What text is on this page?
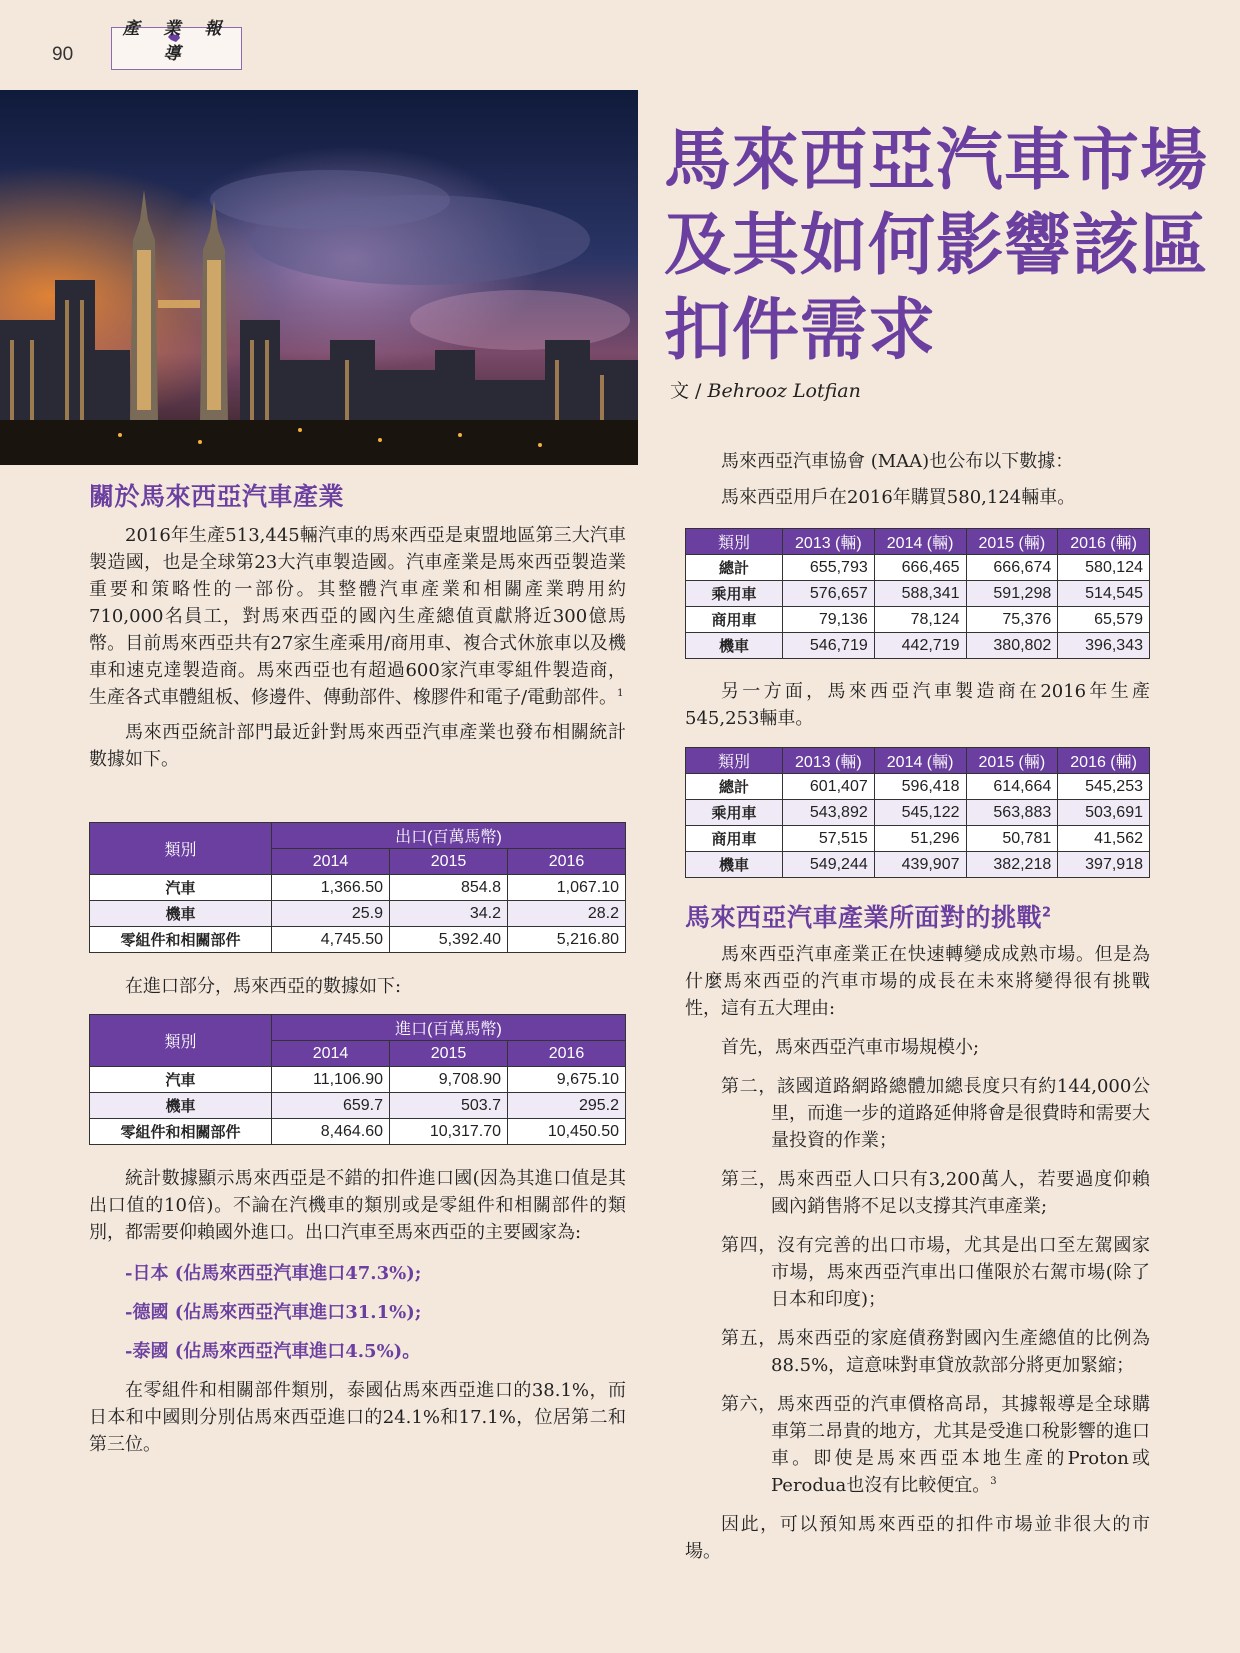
90
產 業 報 導
馬來西亞汽車市場
及其如何影響該區
扣件需求
文 / Behrooz Lotfian
關於馬來西亞汽車產業

2016年生產513,445輛汽車的馬來西亞是東盟地區第三大汽車製造國，也是全球第23大汽車製造國。汽車產業是馬來西亞製造業重要和策略性的一部份。其整體汽車產業和相關產業聘用約710,000名員工，對馬來西亞的國內生產總值貢獻將近300億馬幣。目前馬來西亞共有27家生產乘用/商用車、複合式休旅車以及機車和速克達製造商。馬來西亞也有超過600家汽車零組件製造商，生產各式車體組板、修邊件、傳動部件、橡膠件和電子/電動部件。$^1$

馬來西亞統計部門最近針對馬來西亞汽車產業也發布相關統計數據如下。

類別	出口(百萬馬幣)		
	2014	2015	2016
汽車	1,366.50	854.8	1,067.10
機車	25.9	34.2	28.2
零組件和相關部件	4,745.50	5,392.40	5,216.80

在進口部分，馬來西亞的數據如下:

類別	進口(百萬馬幣)		
	2014	2015	2016
汽車	11,106.90	9,708.90	9,675.10
機車	659.7	503.7	295.2
零組件和相關部件	8,464.60	10,317.70	10,450.50

統計數據顯示馬來西亞是不錯的扣件進口國(因為其進口值是其出口值的10倍)。不論在汽機車的類別或是零組件和相關部件的類別，都需要仰賴國外進口。出口汽車至馬來西亞的主要國家為:

-日本 (佔馬來西亞汽車進口47.3%);

-德國 (佔馬來西亞汽車進口31.1%);

-泰國 (佔馬來西亞汽車進口4.5%)。

在零組件和相關部件類別，泰國佔馬來西亞進口的38.1%，而日本和中國則分別佔馬來西亞進口的24.1%和17.1%，位居第二和第三位。

馬來西亞汽車協會 (MAA)也公布以下數據：

馬來西亞用戶在2016年購買580,124輛車。

類別	2013 (輛)	2014 (輛)	2015 (輛)	2016 (輛)
總計	655,793	666,465	666,674	580,124
乘用車	576,657	588,341	591,298	514,545
商用車	79,136	78,124	75,376	65,579
機車	546,719	442,719	380,802	396,343

另一方面，馬來西亞汽車製造商在2016年生產545,253輛車。

類別	2013 (輛)	2014 (輛)	2015 (輛)	2016 (輛)
總計	601,407	596,418	614,664	545,253
乘用車	543,892	545,122	563,883	503,691
商用車	57,515	51,296	50,781	41,562
機車	549,244	439,907	382,218	397,918
馬來西亞汽車產業所面對的挑戰$^2$

馬來西亞汽車產業正在快速轉變成成熟市場。但是為什麼馬來西亞的汽車市場的成長在未來將變得很有挑戰性，這有五大理由:

首先，馬來西亞汽車市場規模小;

第二，該國道路網路總體加總長度只有約144,000公里，而進一步的道路延伸將會是很費時和需要大量投資的作業；

第三，馬來西亞人口只有3,200萬人，若要過度仰賴國內銷售將不足以支撐其汽車產業;

第四，沒有完善的出口市場，尤其是出口至左駕國家市場，馬來西亞汽車出口僅限於右駕市場(除了日本和印度)；

第五，馬來西亞的家庭債務對國內生產總值的比例為88.5%，這意味對車貸放款部分將更加緊縮；

第六，馬來西亞的汽車價格高昂，其據報導是全球購車第二昂貴的地方，尤其是受進口稅影響的進口車。即使是馬來西亞本地生產的Proton或Perodua也沒有比較便宜。$^3$

因此，可以預知馬來西亞的扣件市場並非很大的市場。
